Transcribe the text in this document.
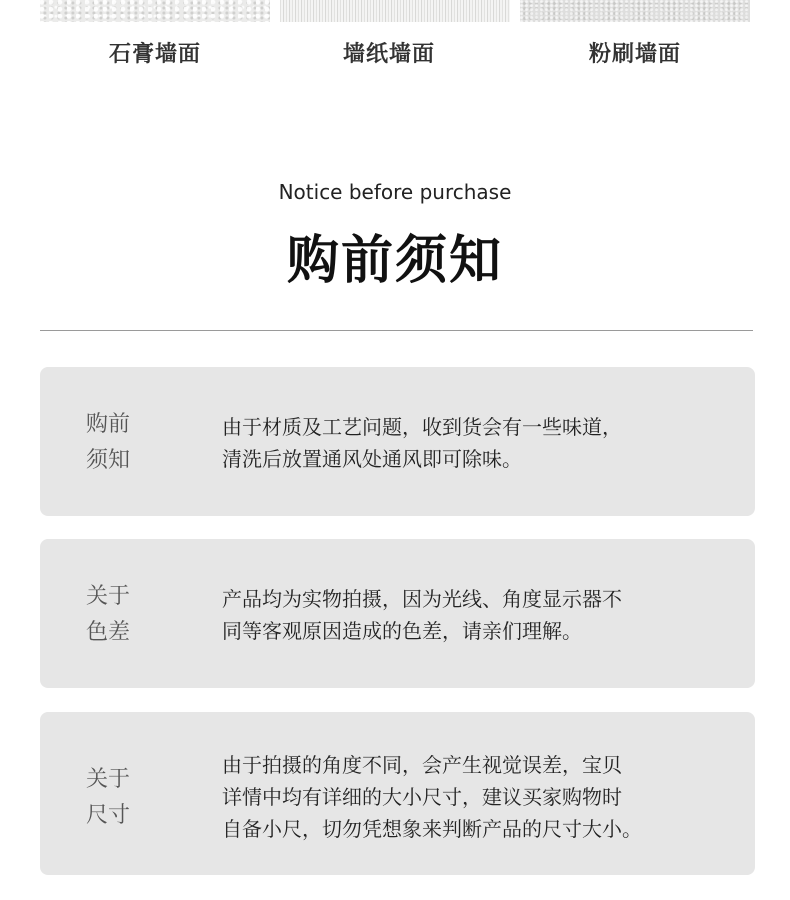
石膏墙面	墙纸墙面	粉刷墙面
Notice before purchase
购前须知
购前
须知
由于材质及工艺问题，收到货会有一些味道，
清洗后放置通风处通风即可除味。
关于
色差
产品均为实物拍摄，因为光线、角度显示器不
同等客观原因造成的色差，请亲们理解。
关于
尺寸
由于拍摄的角度不同，会产生视觉误差，宝贝
详情中均有详细的大小尺寸，建议买家购物时
自备小尺，切勿凭想象来判断产品的尺寸大小。
